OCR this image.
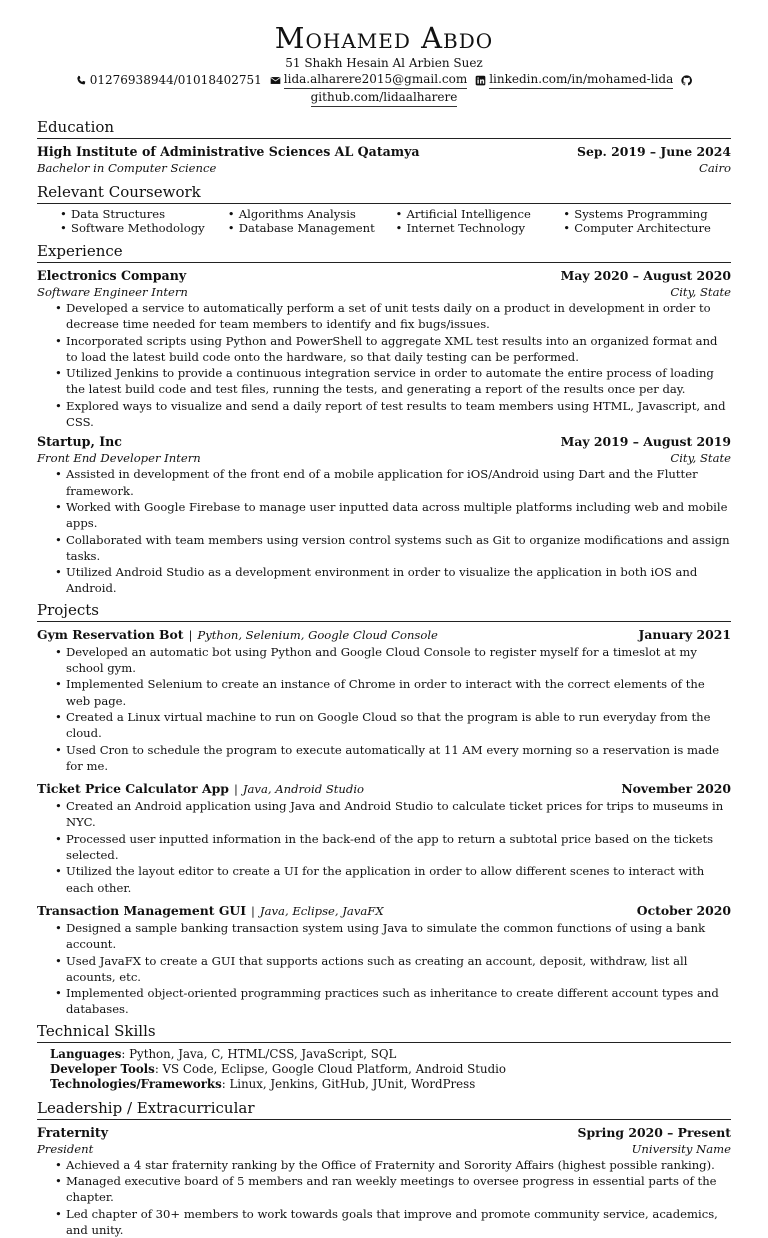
Mohamed Abdo
51 Shakh Hesain Al Arbien Suez
01276938944/01018402751 lida.alharere2015@gmail.com linkedin.com/in/mohamed-lida
github.com/lidaalharere
Education
High Institute of Administrative Sciences AL Qatamya	Sep. 2019 – June 2024
Bachelor in Computer Science	Cairo
Relevant Coursework
• Data Structures	• Algorithms Analysis	• Artificial Intelligence	• Systems Programming
• Software Methodology	• Database Management	• Internet Technology	• Computer Architecture
Experience
Electronics Company	May 2020 – August 2020
Software Engineer Intern	City, State
• Developed a service to automatically perform a set of unit tests daily on a product in development in order to decrease time needed for team members to identify and fix bugs/issues.
• Incorporated scripts using Python and PowerShell to aggregate XML test results into an organized format and to load the latest build code onto the hardware, so that daily testing can be performed.
• Utilized Jenkins to provide a continuous integration service in order to automate the entire process of loading the latest build code and test files, running the tests, and generating a report of the results once per day.
• Explored ways to visualize and send a daily report of test results to team members using HTML, Javascript, and CSS.
Startup, Inc	May 2019 – August 2019
Front End Developer Intern	City, State
• Assisted in development of the front end of a mobile application for iOS/Android using Dart and the Flutter framework.
• Worked with Google Firebase to manage user inputted data across multiple platforms including web and mobile apps.
• Collaborated with team members using version control systems such as Git to organize modifications and assign tasks.
• Utilized Android Studio as a development environment in order to visualize the application in both iOS and Android.
Projects
Gym Reservation Bot | Python, Selenium, Google Cloud Console	January 2021
• Developed an automatic bot using Python and Google Cloud Console to register myself for a timeslot at my school gym.
• Implemented Selenium to create an instance of Chrome in order to interact with the correct elements of the web page.
• Created a Linux virtual machine to run on Google Cloud so that the program is able to run everyday from the cloud.
• Used Cron to schedule the program to execute automatically at 11 AM every morning so a reservation is made for me.
Ticket Price Calculator App | Java, Android Studio	November 2020
• Created an Android application using Java and Android Studio to calculate ticket prices for trips to museums in NYC.
• Processed user inputted information in the back-end of the app to return a subtotal price based on the tickets selected.
• Utilized the layout editor to create a UI for the application in order to allow different scenes to interact with each other.
Transaction Management GUI | Java, Eclipse, JavaFX	October 2020
• Designed a sample banking transaction system using Java to simulate the common functions of using a bank account.
• Used JavaFX to create a GUI that supports actions such as creating an account, deposit, withdraw, list all acounts, etc.
• Implemented object-oriented programming practices such as inheritance to create different account types and databases.
Technical Skills
Languages: Python, Java, C, HTML/CSS, JavaScript, SQL
Developer Tools: VS Code, Eclipse, Google Cloud Platform, Android Studio
Technologies/Frameworks: Linux, Jenkins, GitHub, JUnit, WordPress
Leadership / Extracurricular
Fraternity	Spring 2020 – Present
President	University Name
• Achieved a 4 star fraternity ranking by the Office of Fraternity and Sorority Affairs (highest possible ranking).
• Managed executive board of 5 members and ran weekly meetings to oversee progress in essential parts of the chapter.
• Led chapter of 30+ members to work towards goals that improve and promote community service, academics, and unity.
